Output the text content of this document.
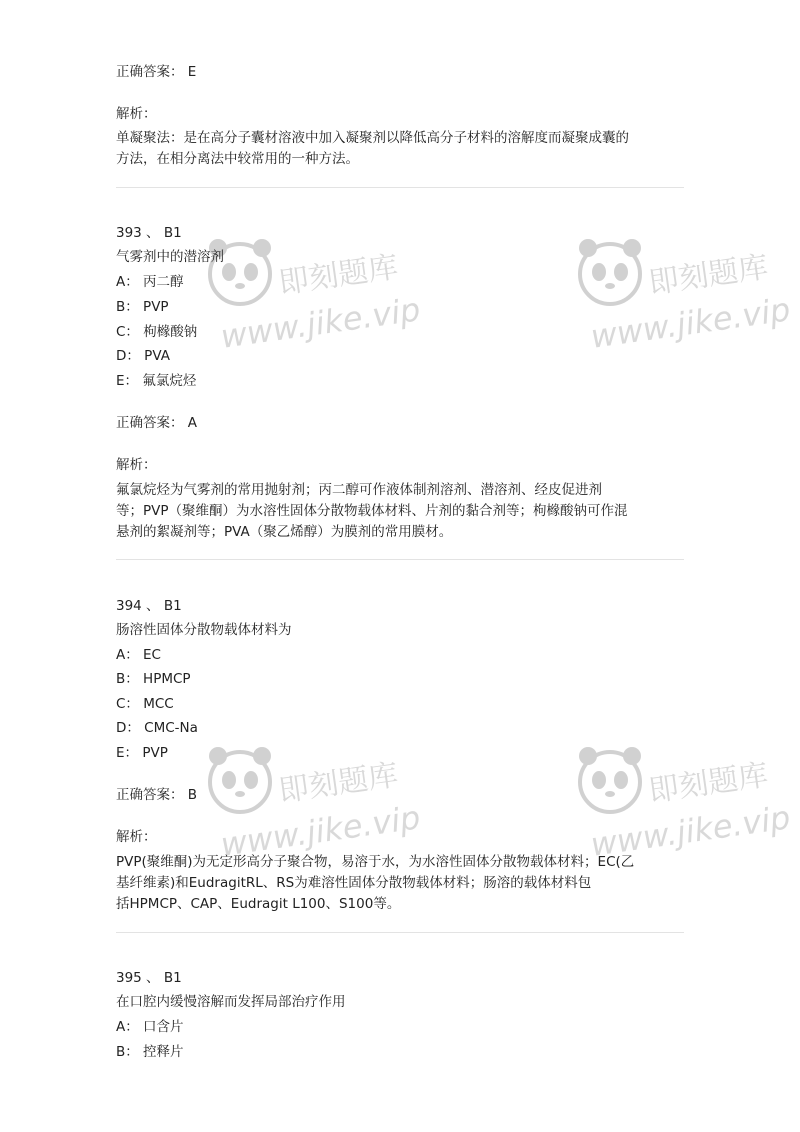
正确答案： E
解析：
单凝聚法：是在高分子囊材溶液中加入凝聚剂以降低高分子材料的溶解度而凝聚成囊的
方法，在相分离法中较常用的一种方法。
393 、 B1
气雾剂中的潜溶剂
A： 丙二醇
B： PVP
C： 枸橼酸钠
D： PVA
E： 氟氯烷烃
正确答案： A
解析：
氟氯烷烃为气雾剂的常用抛射剂；丙二醇可作液体制剂溶剂、潜溶剂、经皮促进剂
等；PVP（聚维酮）为水溶性固体分散物载体材料、片剂的黏合剂等；枸橼酸钠可作混
悬剂的絮凝剂等；PVA（聚乙烯醇）为膜剂的常用膜材。
394 、 B1
肠溶性固体分散物载体材料为
A： EC
B： HPMCP
C： MCC
D： CMC-Na
E： PVP
正确答案： B
解析：
PVP(聚维酮)为无定形高分子聚合物，易溶于水，为水溶性固体分散物载体材料；EC(乙
基纤维素)和EudragitRL、RS为难溶性固体分散物载体材料；肠溶的载体材料包
括HPMCP、CAP、Eudragit L100、S100等。
395 、 B1
在口腔内缓慢溶解而发挥局部治疗作用
A： 口含片
B： 控释片
即刻题库
www.jike.vip
即刻题库
www.jike.vip
即刻题库
www.jike.vip
即刻题库
www.jike.vip
